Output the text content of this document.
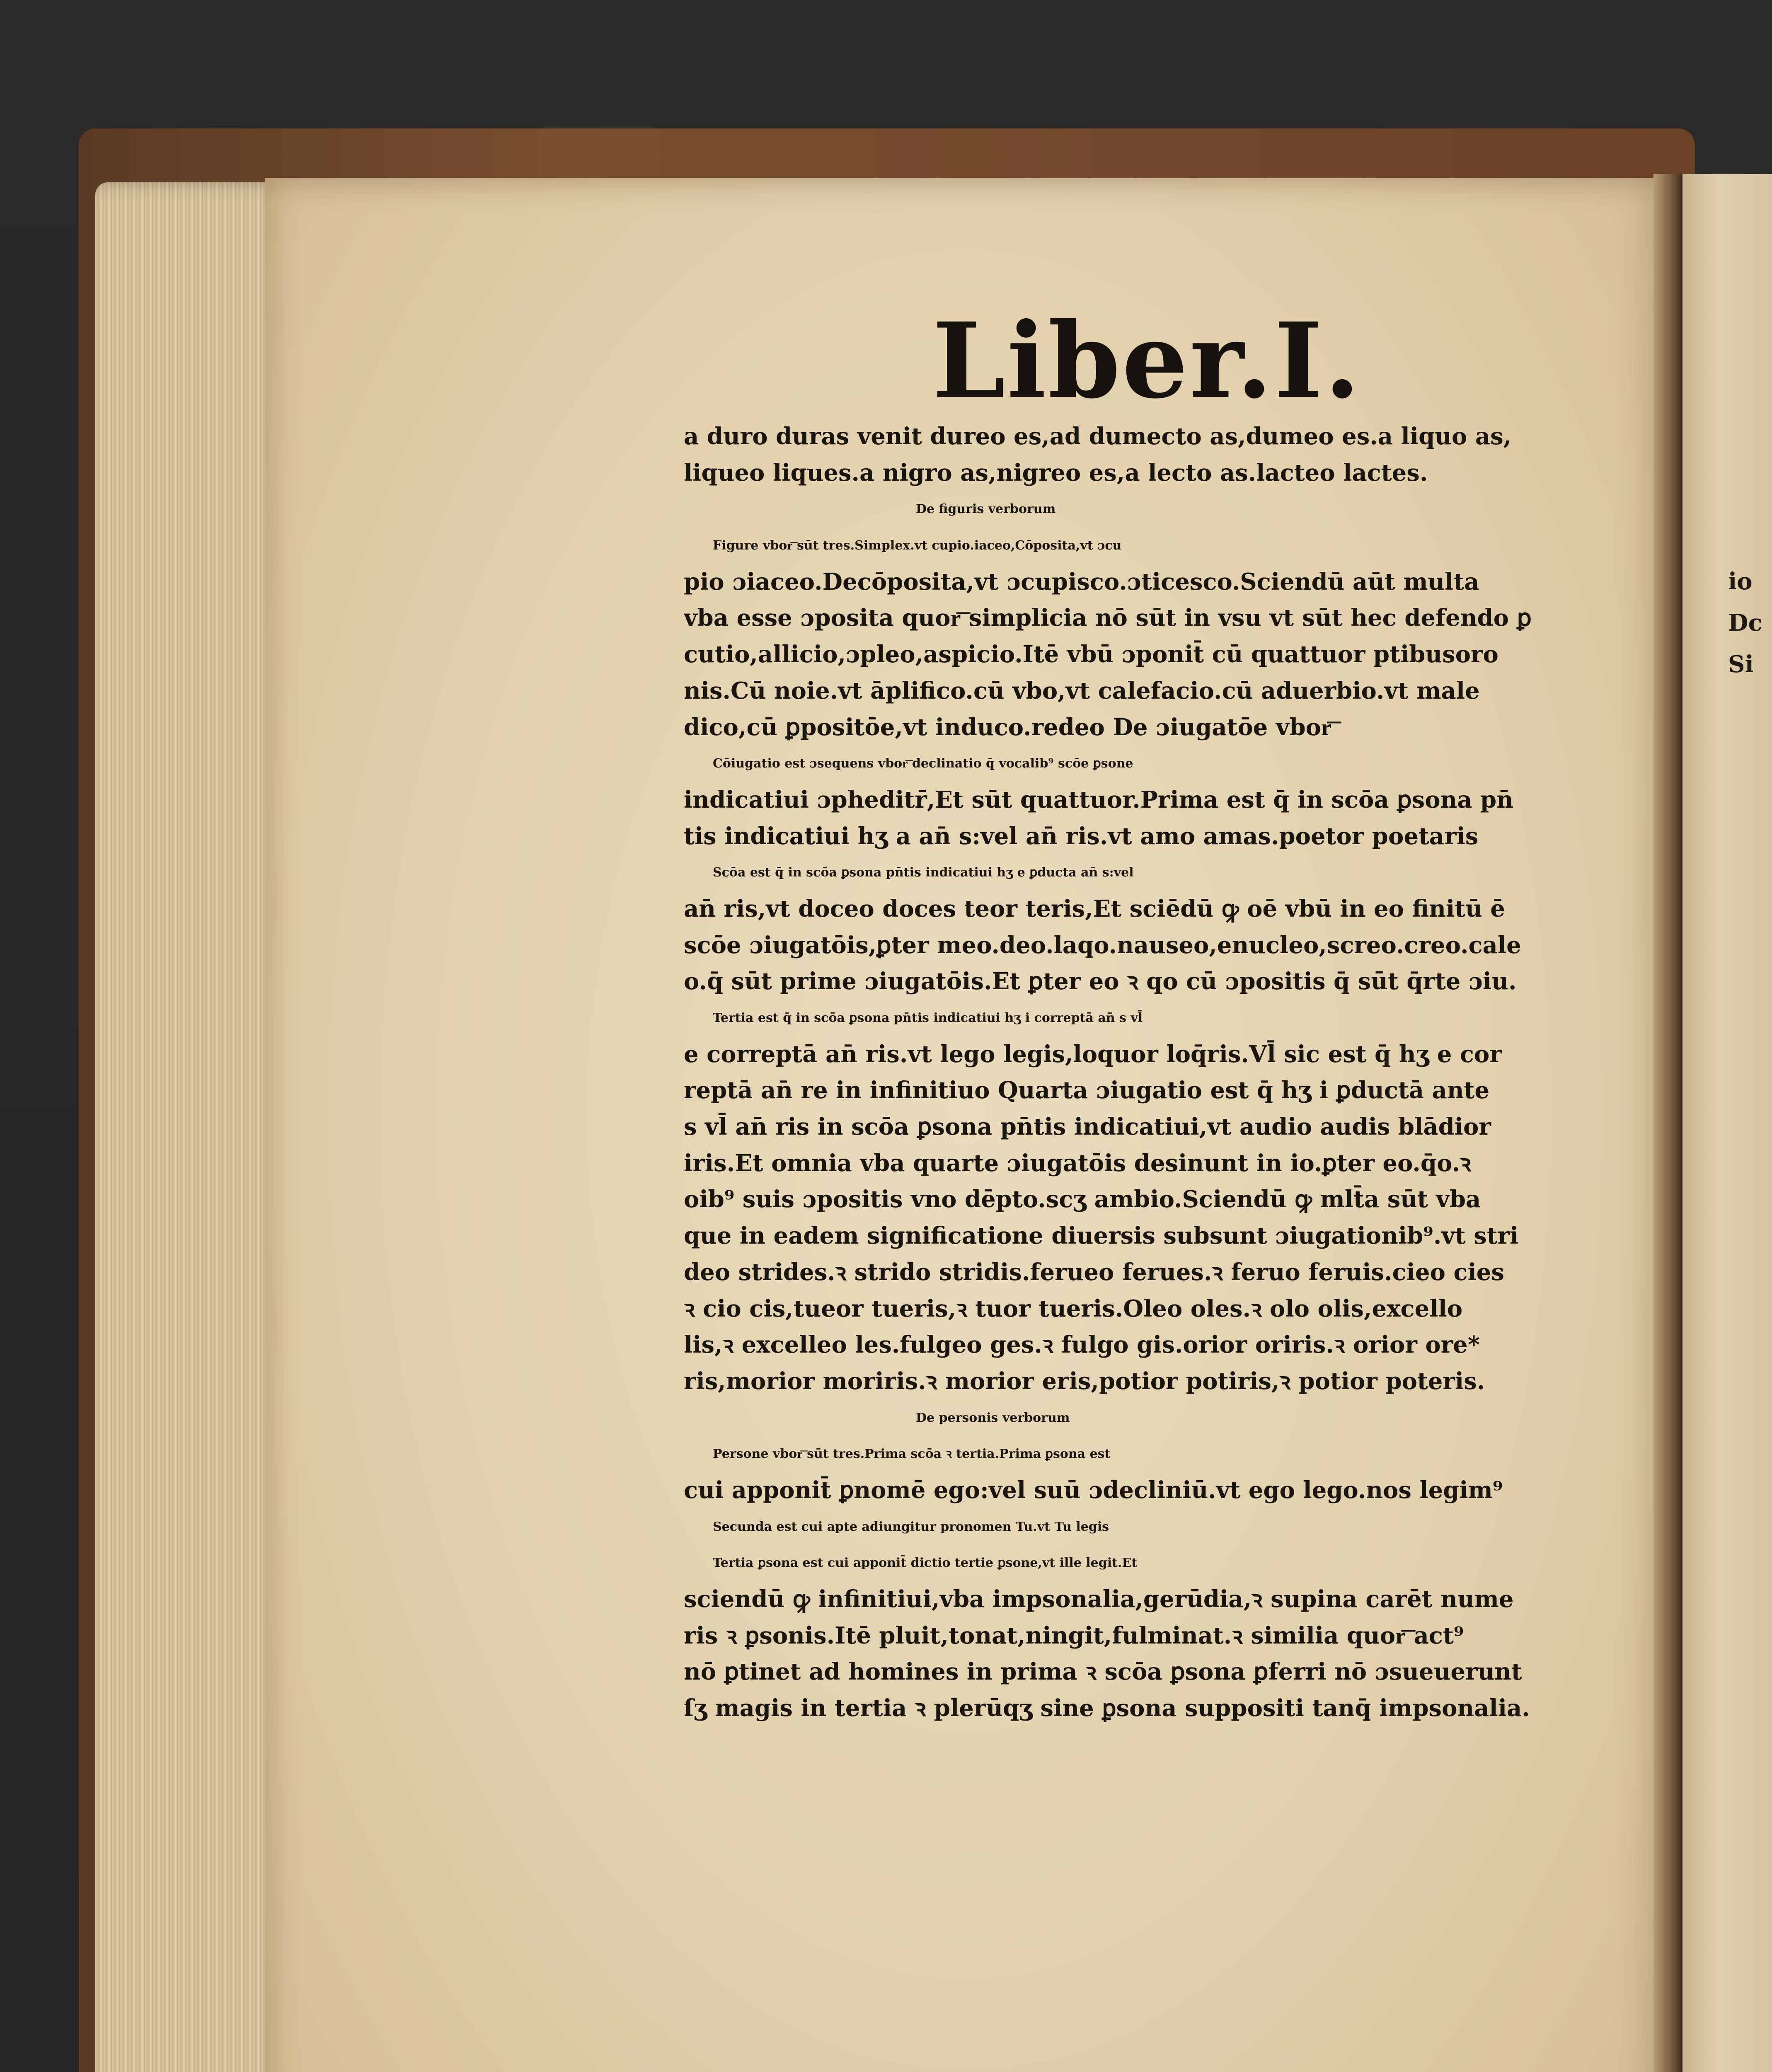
io
Dc
Si
Liber.I.
a duro duras venit dureo es,ad dumecto as,dumeo es.a liquo as,
liqueo liques.a nigro as,nigreo es,a lecto as.lacteo lactes.
De figuris verborum
Figure vbor͞ sūt tres.Simplex.vt cupio.iaceo,Cōposita,vt ɔcu
pio ɔiaceo.Decōposita,vt ɔcupisco.ɔticesco.Sciendū aūt multa
vba esse ɔposita quor͞ simplicia nō sūt in vsu vt sūt hec defendo ꝑ
cutio,allicio,ɔpleo,aspicio.Itē vbū ɔponit̄ cū quattuor ptibusoro
nis.Cū noie.vt āplifico.cū vbo,vt calefacio.cū aduerbio.vt male
dico,cū ꝑpositōe,vt induco.redeo De ɔiugatōe vbor͞
Cōiugatio est ɔsequens vbor͞ declinatio q̄ vocalib⁹ scōe ꝑsone
indicatiui ɔpheditr̄,Et sūt quattuor.Prima est q̄ in scōa ꝑsona pn̄
tis indicatiui hʒ a an̄ s:vel an̄ ris.vt amo amas.poetor poetaris
Scōa est q̄ in scōa ꝑsona pn̄tis indicatiui hʒ e ꝑducta an̄ s:vel
an̄ ris,vt doceo doces teor teris,Et sciēdū ꝙ oē vbū in eo finitū ē
scōe ɔiugatōis,ꝑter meo.deo.laqo.nauseo,enucleo,screo.creo.cale
o.q̄ sūt prime ɔiugatōis.Et ꝑter eo ꝛ qo cū ɔpositis q̄ sūt q̄rte ɔiu.
Tertia est q̄ in scōa ꝑsona pn̄tis indicatiui hʒ i correptā an̄ s vl̄
e correptā an̄ ris.vt lego legis,loquor loq̄ris.Vl̄ sic est q̄ hʒ e cor
reptā an̄ re in infinitiuo Quarta ɔiugatio est q̄ hʒ i ꝑductā ante
s vl̄ an̄ ris in scōa ꝑsona pn̄tis indicatiui,vt audio audis blādior
iris.Et omnia vba quarte ɔiugatōis desinunt in io.ꝑter eo.q̄o.ꝛ
oib⁹ suis ɔpositis vno dēpto.scʒ ambio.Sciendū ꝙ mlt̄a sūt vba
que in eadem significatione diuersis subsunt ɔiugationib⁹.vt stri
deo strides.ꝛ strido stridis.ferueo ferues.ꝛ feruo feruis.cieo cies
ꝛ cio cis,tueor tueris,ꝛ tuor tueris.Oleo oles.ꝛ olo olis,excello
lis,ꝛ excelleo les.fulgeo ges.ꝛ fulgo gis.orior oriris.ꝛ orior ore*
ris,morior moriris.ꝛ morior eris,potior potiris,ꝛ potior poteris.
De personis verborum
Persone vbor͞ sūt tres.Prima scōa ꝛ tertia.Prima ꝑsona est
cui apponit̄ ꝑnomē ego:vel suū ɔdecliniū.vt ego lego.nos legim⁹
Secunda est cui apte adiungitur pronomen Tu.vt Tu legis
Tertia ꝑsona est cui apponit̄ dictio tertie ꝑsone,vt ille legit.Et
sciendū ꝙ infinitiui,vba impsonalia,gerūdia,ꝛ supina carēt nume
ris ꝛ ꝑsonis.Itē pluit,tonat,ningit,fulminat.ꝛ similia quor͞ act⁹
nō ꝑtinet ad homines in prima ꝛ scōa ꝑsona ꝑferri nō ɔsueuerunt
ſʒ magis in tertia ꝛ plerūqʒ sine ꝑsona suppositi tanq̄ impsonalia.
